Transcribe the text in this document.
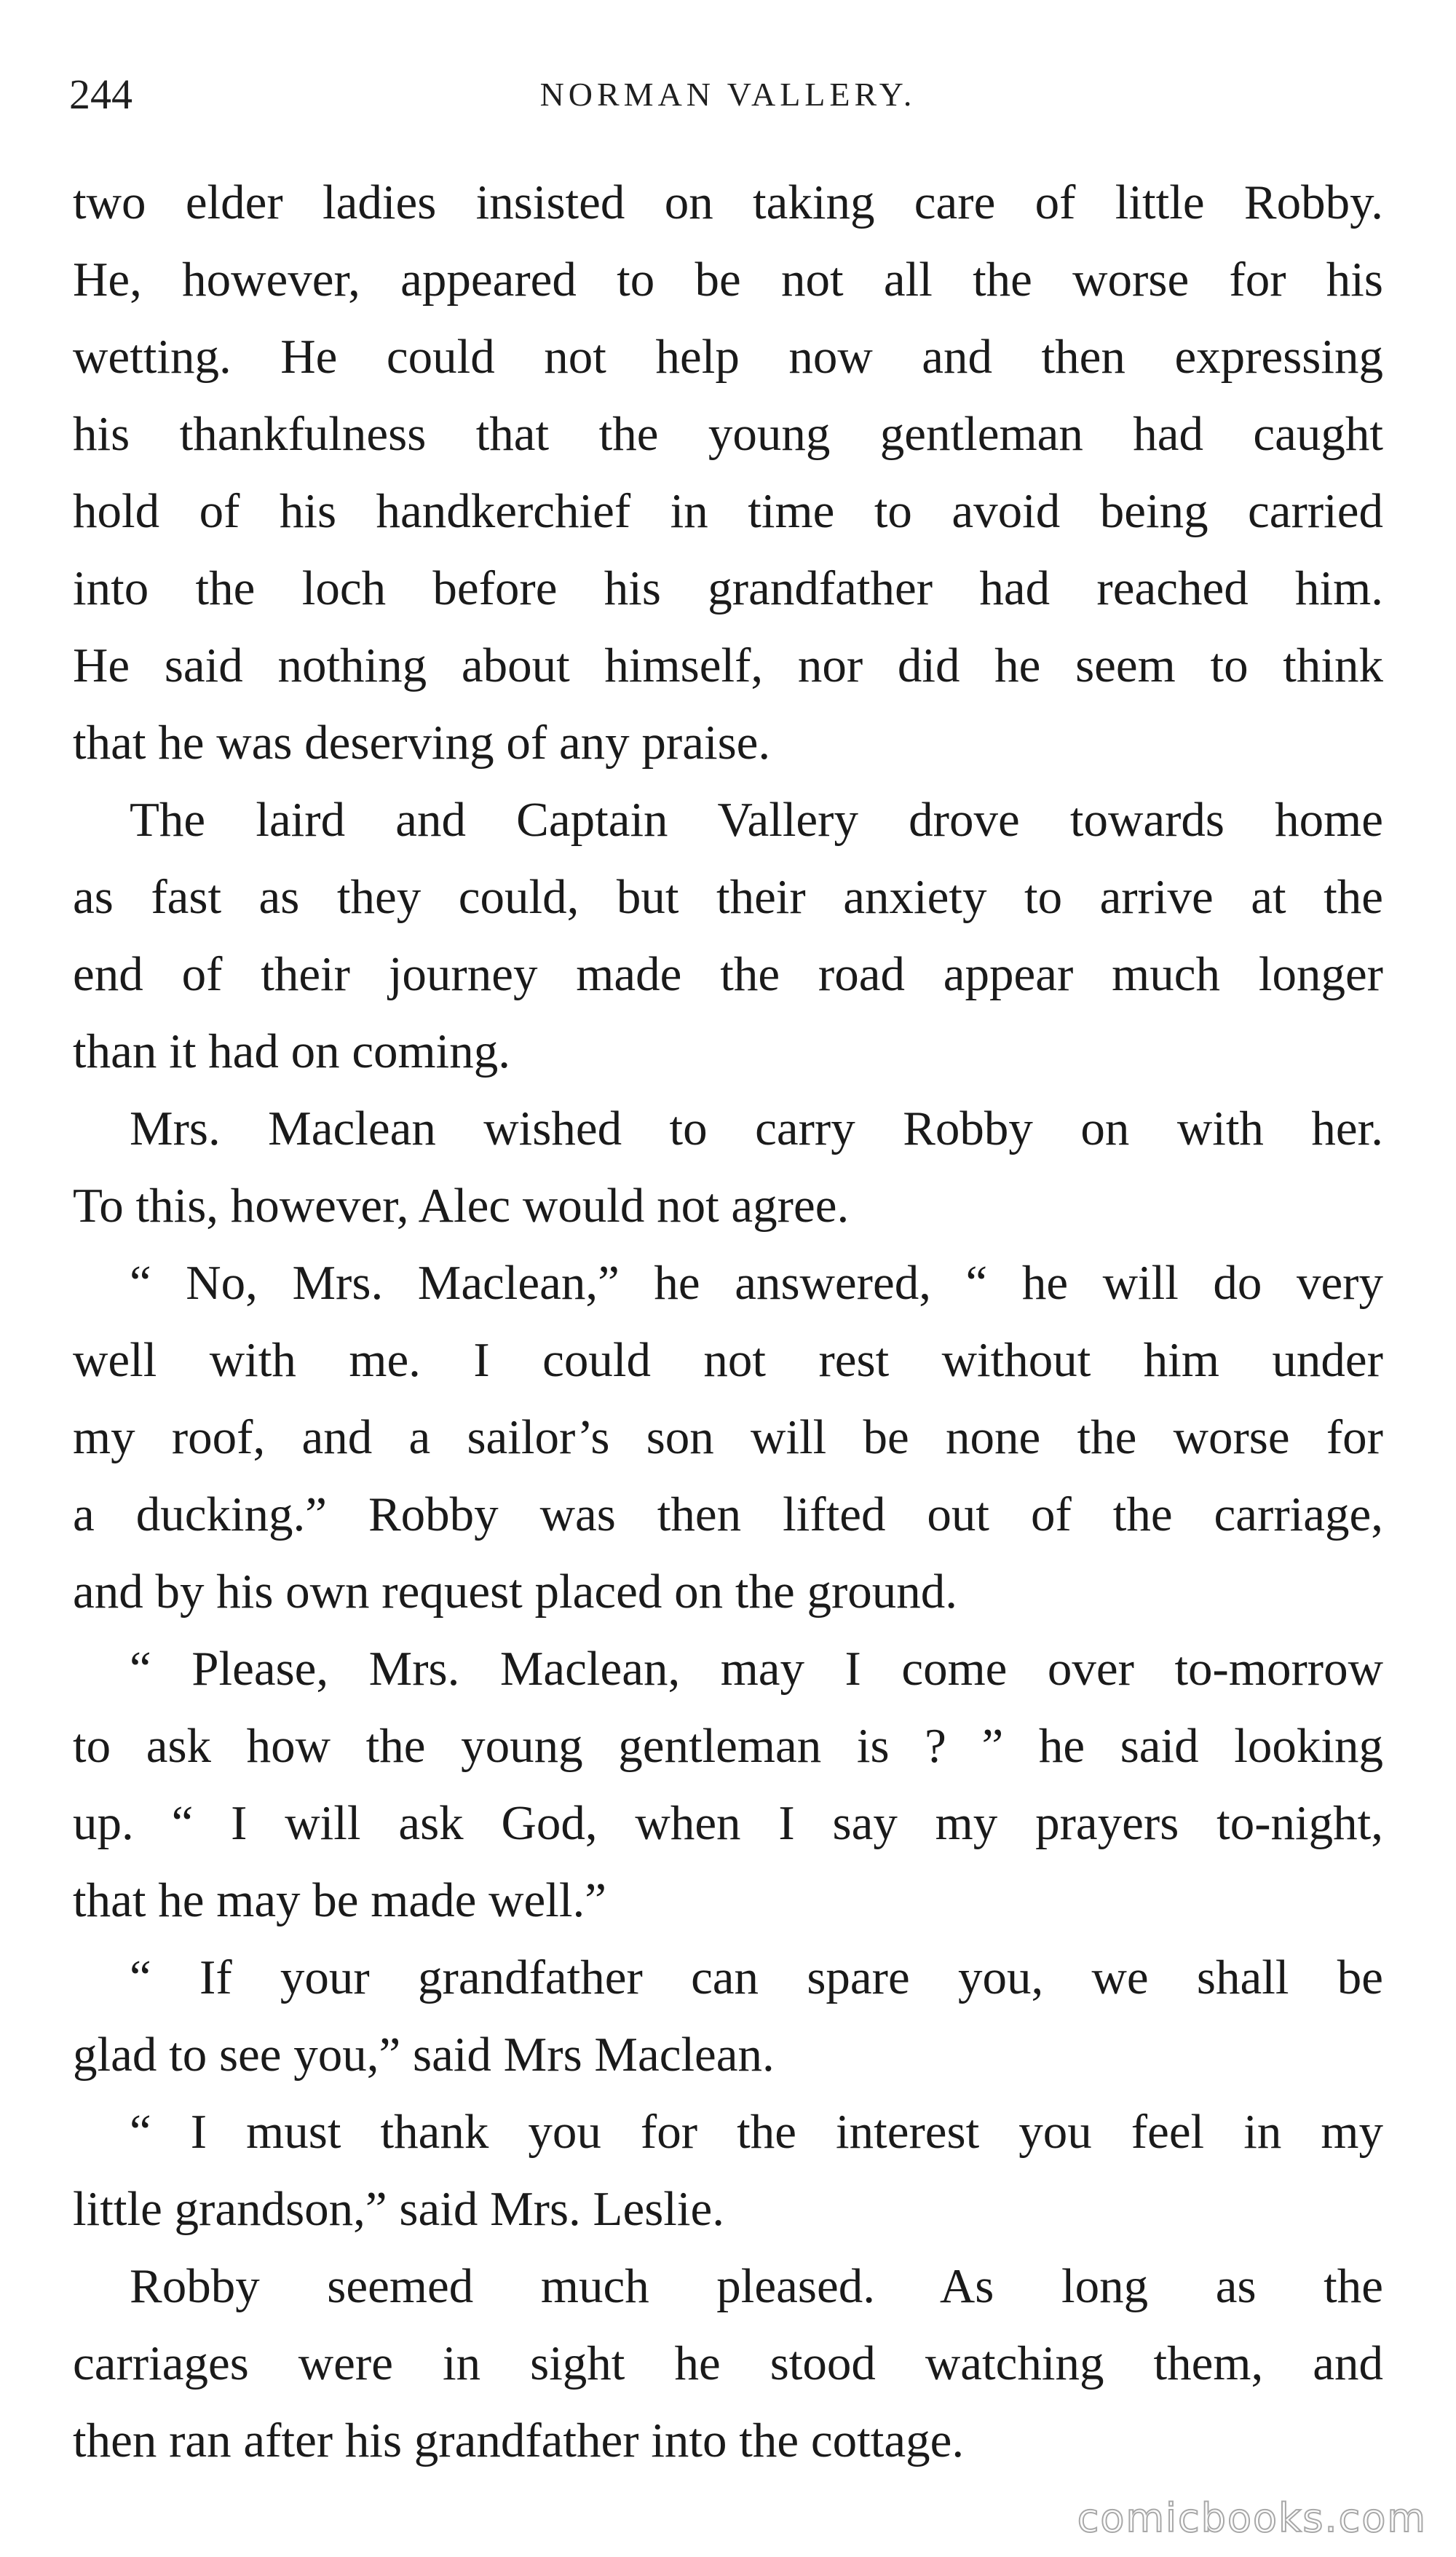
244	NORMAN VALLERY.
two elder ladies insisted on taking care of little Robby.
He, however, appeared to be not all the worse for his
wetting. He could not help now and then expressing
his thankfulness that the young gentleman had caught
hold of his handkerchief in time to avoid being carried
into the loch before his grandfather had reached him.
He said nothing about himself, nor did he seem to think
that he was deserving of any praise.
The laird and Captain Vallery drove towards home
as fast as they could, but their anxiety to arrive at the
end of their journey made the road appear much longer
than it had on coming.
Mrs. Maclean wished to carry Robby on with her.
To this, however, Alec would not agree.
“ No, Mrs. Maclean,” he answered, “ he will do very
well with me. I could not rest without him under
my roof, and a sailor’s son will be none the worse for
a ducking.” Robby was then lifted out of the carriage,
and by his own request placed on the ground.
“ Please, Mrs. Maclean, may I come over to-morrow
to ask how the young gentleman is ? ” he said looking
up. “ I will ask God, when I say my prayers to-night,
that he may be made well.”
“ If your grandfather can spare you, we shall be
glad to see you,” said Mrs Maclean.
“ I must thank you for the interest you feel in my
little grandson,” said Mrs. Leslie.
Robby seemed much pleased. As long as the
carriages were in sight he stood watching them, and
then ran after his grandfather into the cottage.
comicbooks.com
